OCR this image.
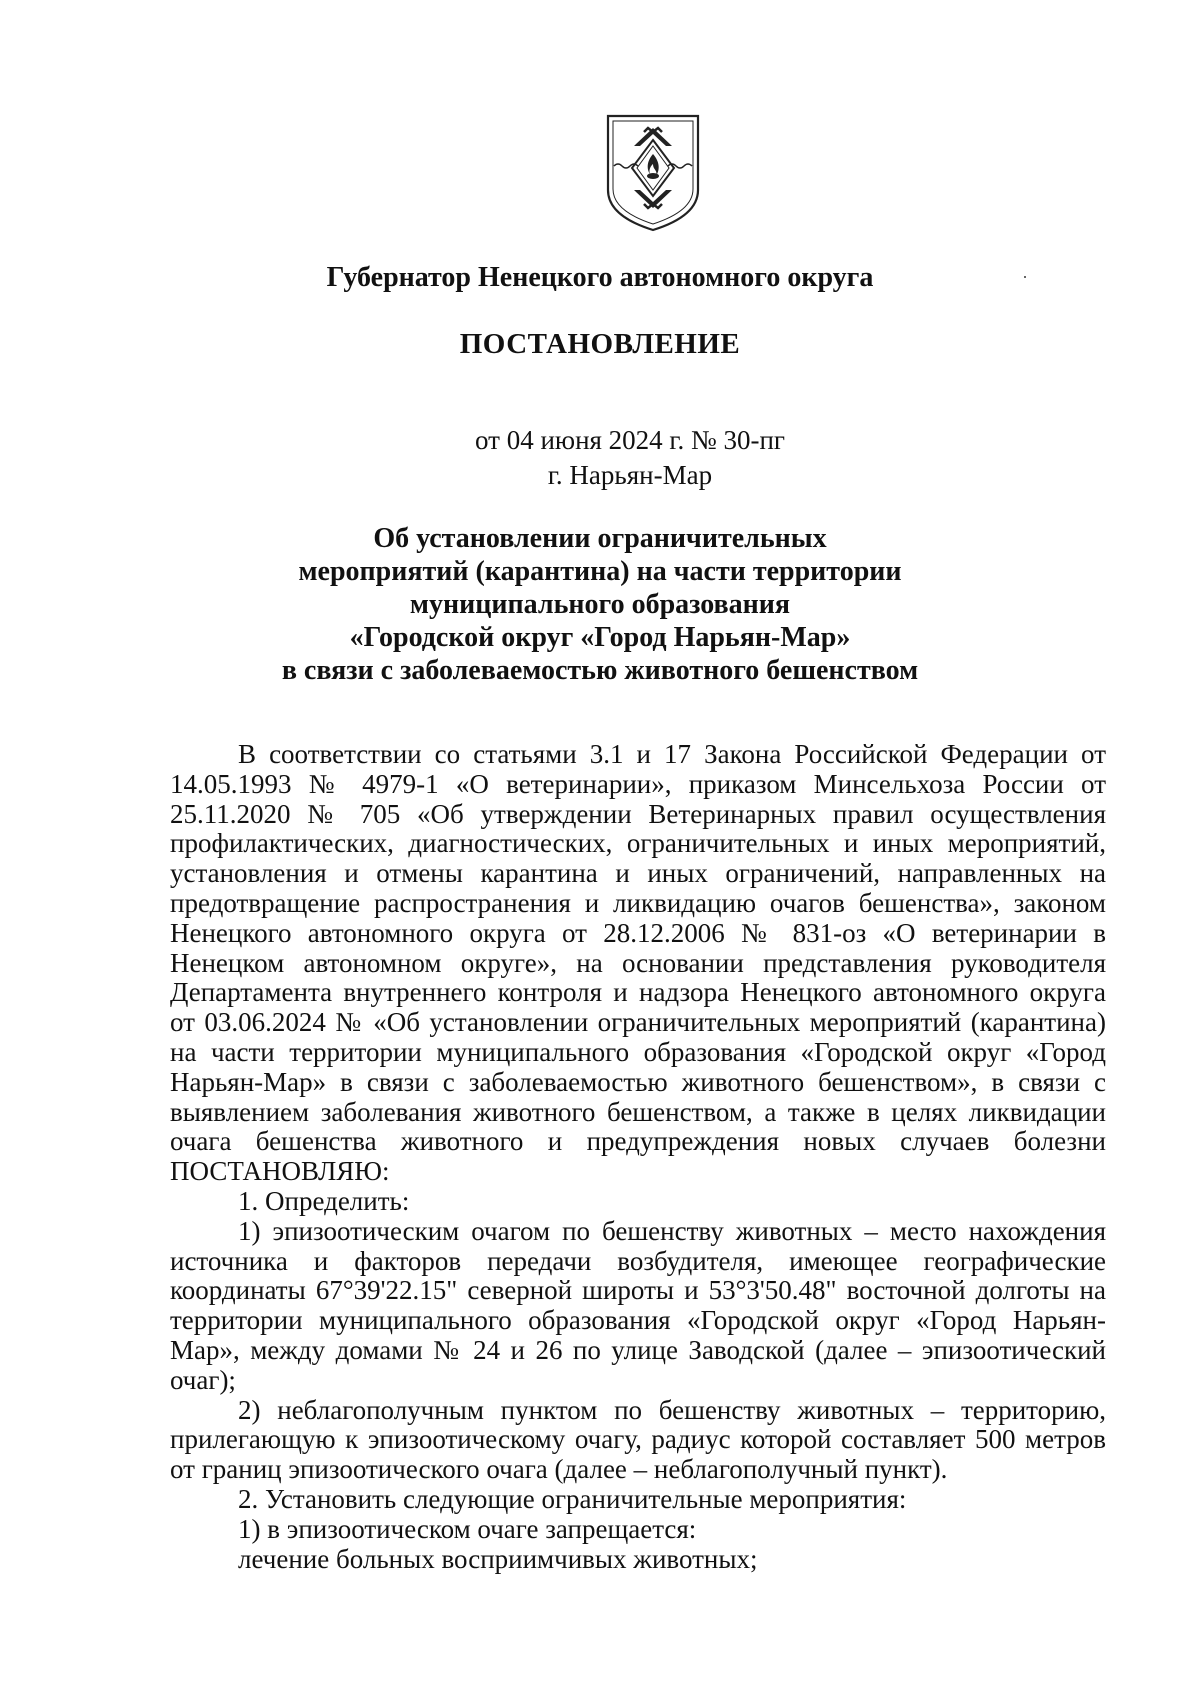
Губернатор Ненецкого автономного округа
ПОСТАНОВЛЕНИЕ
от 04 июня 2024 г. № 30-пг
г. Нарьян-Мар
Об установлении ограничительных
мероприятий (карантина) на части территории
муниципального образования
«Городской округ «Город Нарьян-Мар»
в связи с заболеваемостью животного бешенством

В соответствии со статьями 3.1 и 17 Закона Российской Федерации от 14.05.1993 № 4979-1 «О ветеринарии», приказом Минсельхоза России от 25.11.2020 № 705 «Об утверждении Ветеринарных правил осуществления профилактических, диагностических, ограничительных и иных мероприятий, установления и отмены карантина и иных ограничений, направленных на предотвращение распространения и ликвидацию очагов бешенства», законом Ненецкого автономного округа от 28.12.2006 № 831-оз «О ветеринарии в Ненецком автономном округе», на основании представления руководителя Департамента внутреннего контроля и надзора Ненецкого автономного округа от 03.06.2024 № «Об установлении ограничительных мероприятий (карантина) на части территории муниципального образования «Городской округ «Город Нарьян-Мар» в связи с заболеваемостью животного бешенством», в связи с выявлением заболевания животного бешенством, а также в целях ликвидации очага бешенства животного и предупреждения новых случаев болезни ПОСТАНОВЛЯЮ:

1. Определить:

1) эпизоотическим очагом по бешенству животных – место нахождения источника и факторов передачи возбудителя, имеющее географические координаты 67°39'22.15" северной широты и 53°3'50.48" восточной долготы на территории муниципального образования «Городской округ «Город Нарьян-Мар», между домами № 24 и 26 по улице Заводской (далее – эпизоотический очаг);

2) неблагополучным пунктом по бешенству животных – территорию, прилегающую к эпизоотическому очагу, радиус которой составляет 500 метров от границ эпизоотического очага (далее – неблагополучный пункт).

2. Установить следующие ограничительные мероприятия:

1) в эпизоотическом очаге запрещается:

лечение больных восприимчивых животных;
